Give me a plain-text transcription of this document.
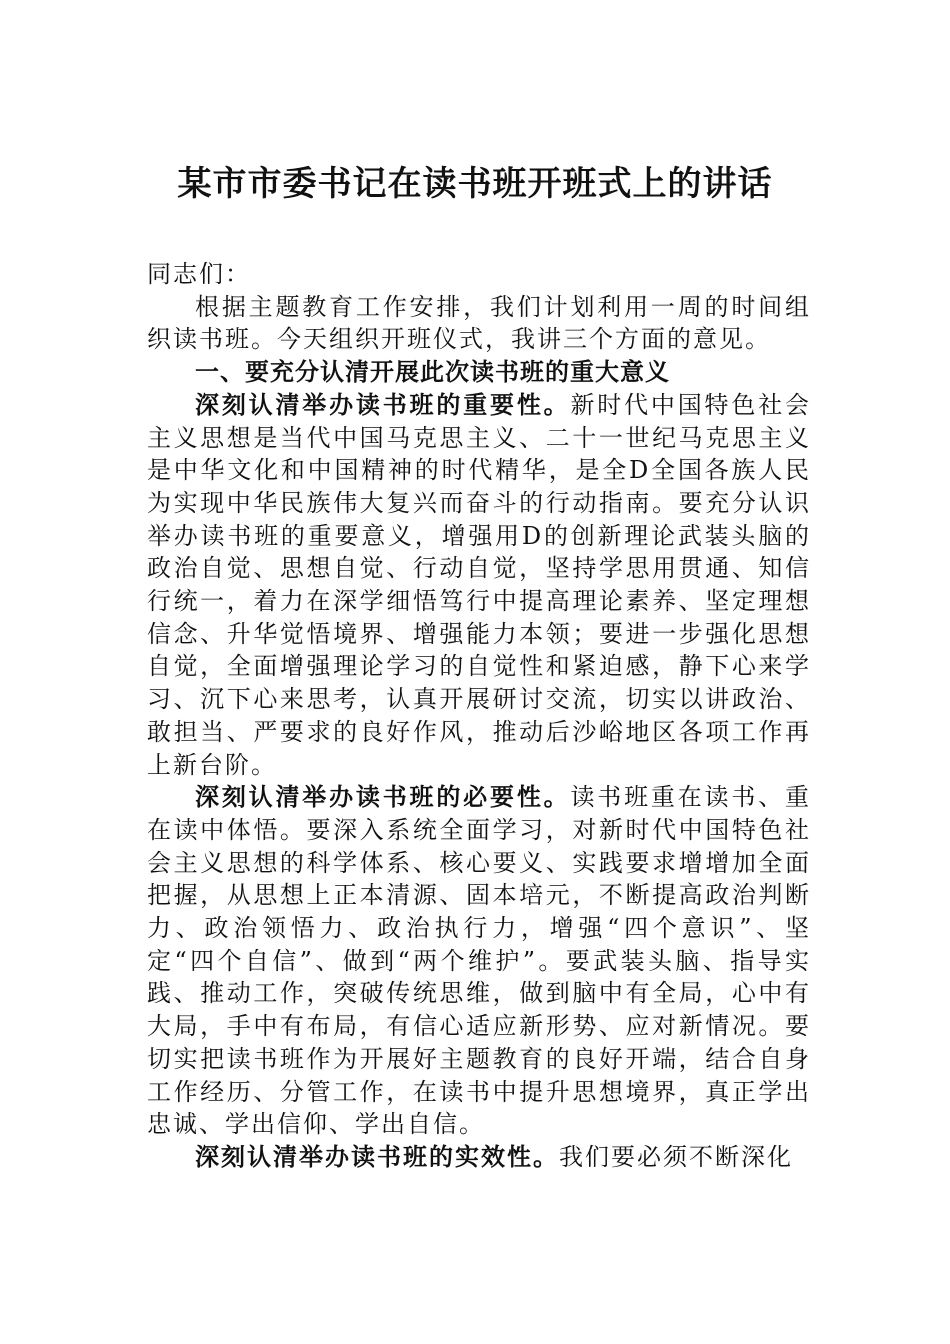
某市市委书记在读书班开班式上的讲话

同志们：

根据主题教育工作安排，我们计划利用一周的时间组织读书班。今天组织开班仪式，我讲三个方面的意见。

一、要充分认清开展此次读书班的重大意义

深刻认清举办读书班的重要性。新时代中国特色社会主义思想是当代中国马克思主义、二十一世纪马克思主义是中华文化和中国精神的时代精华，是全D全国各族人民为实现中华民族伟大复兴而奋斗的行动指南。要充分认识举办读书班的重要意义，增强用D的创新理论武装头脑的政治自觉、思想自觉、行动自觉，坚持学思用贯通、知信行统一，着力在深学细悟笃行中提高理论素养、坚定理想信念、升华觉悟境界、增强能力本领；要进一步强化思想自觉，全面增强理论学习的自觉性和紧迫感，静下心来学习、沉下心来思考，认真开展研讨交流，切实以讲政治、敢担当、严要求的良好作风，推动后沙峪地区各项工作再上新台阶。

深刻认清举办读书班的必要性。读书班重在读书、重在读中体悟。要深入系统全面学习，对新时代中国特色社会主义思想的科学体系、核心要义、实践要求增增加全面把握，从思想上正本清源、固本培元，不断提高政治判断力、政治领悟力、政治执行力，增强“四个意识”、坚定“四个自信”、做到“两个维护”。要武装头脑、指导实践、推动工作，突破传统思维，做到脑中有全局，心中有大局，手中有布局，有信心适应新形势、应对新情况。要切实把读书班作为开展好主题教育的良好开端，结合自身工作经历、分管工作，在读书中提升思想境界，真正学出忠诚、学出信仰、学出自信。

深刻认清举办读书班的实效性。我们要必须不断深化
